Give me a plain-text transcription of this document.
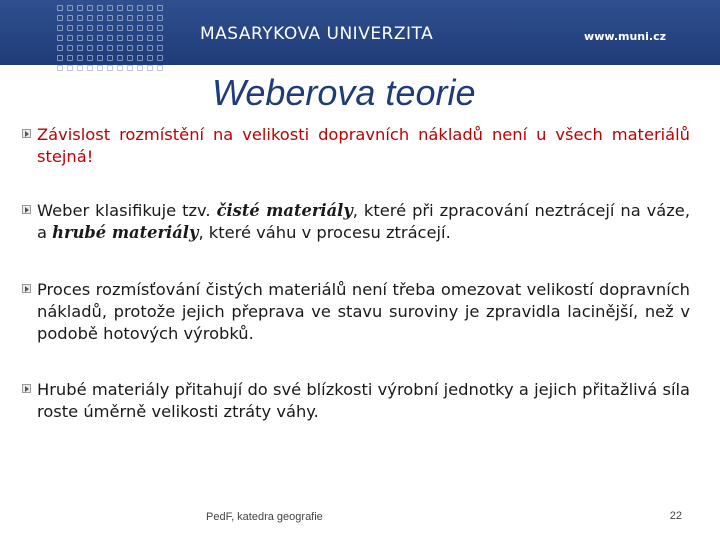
MASARYKOVA UNIVERZITA	www.muni.cz
Weberova teorie

Závislost rozmístění na velikosti dopravních nákladů není u všech materiálů stejná!

Weber klasifikuje tzv. čisté materiály, které při zpracování neztrácejí na váze, a hrubé materiály, které váhu v procesu ztrácejí.

Proces rozmísťování čistých materiálů není třeba omezovat velikostí dopravních nákladů, protože jejich přeprava ve stavu suroviny je zpravidla lacinější, než v podobě hotových výrobků.

Hrubé materiály přitahují do své blízkosti výrobní jednotky a jejich přitažlivá síla roste úměrně velikosti ztráty váhy.

PedF, katedra geografie	22
